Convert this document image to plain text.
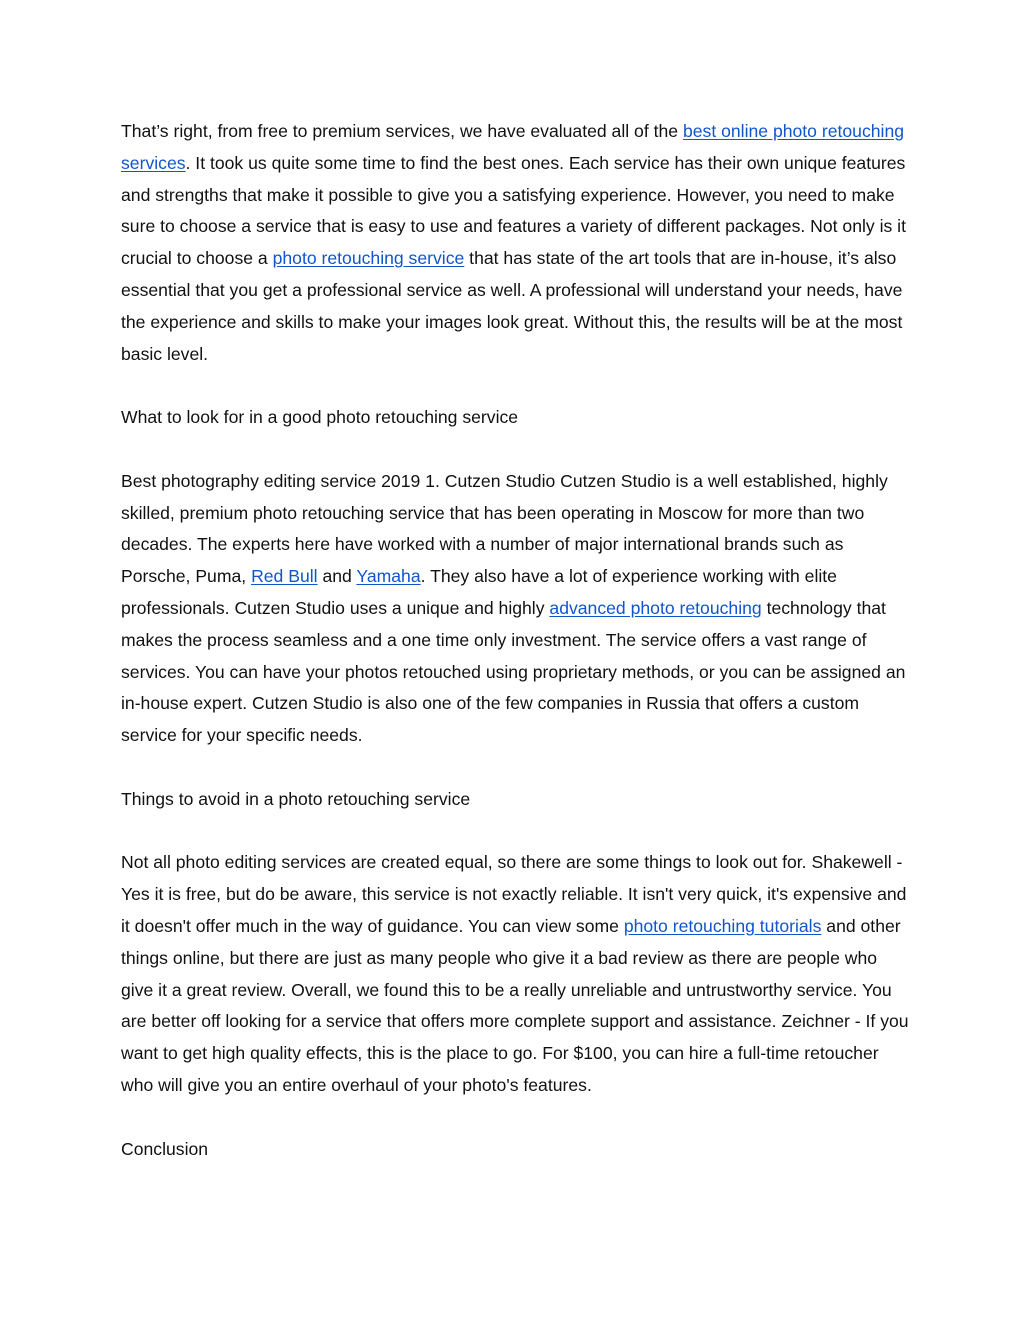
That’s right, from free to premium services, we have evaluated all of the best online photo retouching services. It took us quite some time to find the best ones. Each service has their own unique features and strengths that make it possible to give you a satisfying experience. However, you need to make sure to choose a service that is easy to use and features a variety of different packages. Not only is it crucial to choose a photo retouching service that has state of the art tools that are in-house, it’s also essential that you get a professional service as well. A professional will understand your needs, have the experience and skills to make your images look great. Without this, the results will be at the most basic level.

What to look for in a good photo retouching service

Best photography editing service 2019 1. Cutzen Studio Cutzen Studio is a well established, highly skilled, premium photo retouching service that has been operating in Moscow for more than two decades. The experts here have worked with a number of major international brands such as Porsche, Puma, Red Bull and Yamaha. They also have a lot of experience working with elite professionals. Cutzen Studio uses a unique and highly advanced photo retouching technology that makes the process seamless and a one time only investment. The service offers a vast range of services. You can have your photos retouched using proprietary methods, or you can be assigned an in-house expert. Cutzen Studio is also one of the few companies in Russia that offers a custom service for your specific needs.

Things to avoid in a photo retouching service

Not all photo editing services are created equal, so there are some things to look out for. Shakewell - Yes it is free, but do be aware, this service is not exactly reliable. It isn't very quick, it's expensive and it doesn't offer much in the way of guidance. You can view some photo retouching tutorials and other things online, but there are just as many people who give it a bad review as there are people who give it a great review. Overall, we found this to be a really unreliable and untrustworthy service. You are better off looking for a service that offers more complete support and assistance. Zeichner - If you want to get high quality effects, this is the place to go. For $100, you can hire a full-time retoucher who will give you an entire overhaul of your photo's features.

Conclusion
